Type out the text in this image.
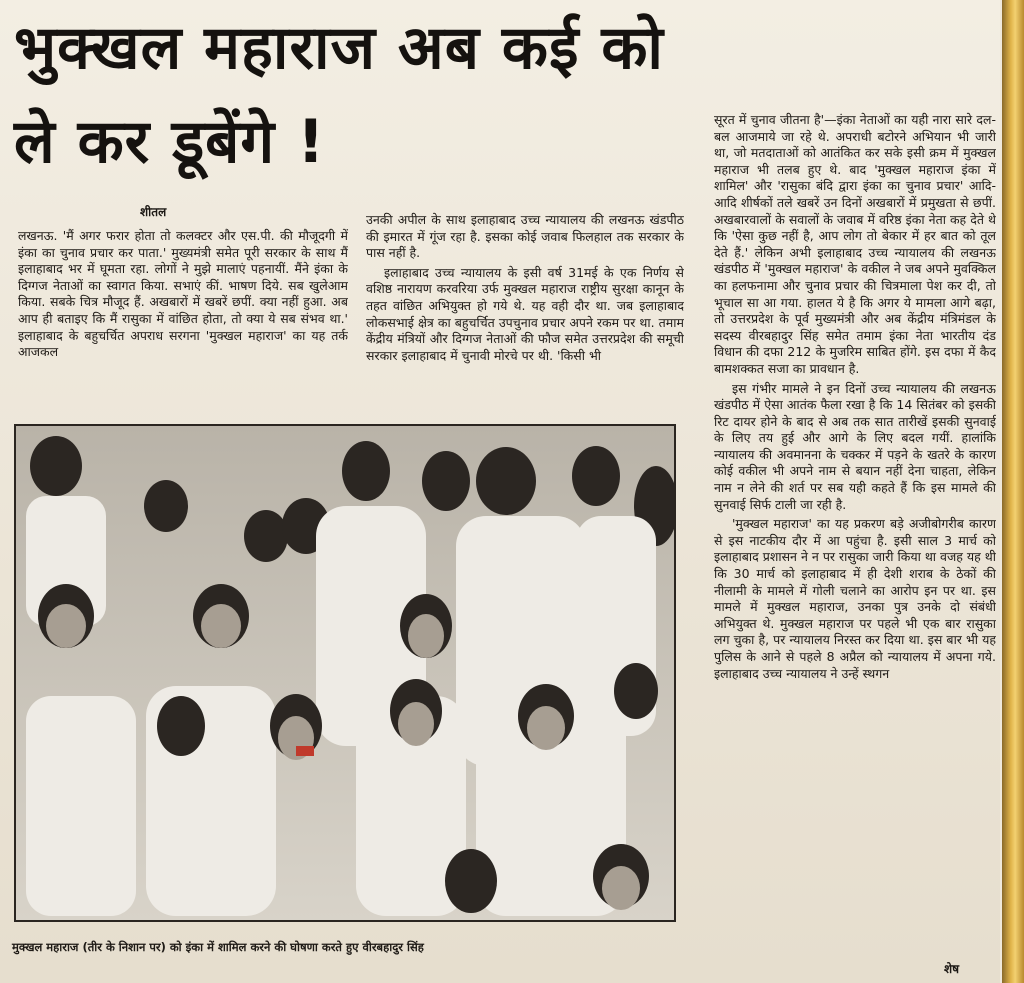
भुक्खल महाराज अब कई को
ले कर डूबेंगे !
शीतल

लखनऊ. 'मैं अगर फरार होता तो कलक्टर और एस.पी. की मौजूदगी में इंका का चुनाव प्रचार कर पाता.' मुख्यमंत्री समेत पूरी सरकार के साथ मैं इलाहाबाद भर में घूमता रहा. लोगों ने मुझे मालाएं पहनायीं. मैंने इंका के दिग्गज नेताओं का स्वागत किया. सभाएं कीं. भाषण दिये. सब खुलेआम किया. सबके चित्र मौजूद हैं. अखबारों में खबरें छपीं. क्या नहीं हुआ. अब आप ही बताइए कि मैं रासुका में वांछित होता, तो क्या ये सब संभव था.' इलाहाबाद के बहुचर्चित अपराध सरगना 'मुक्खल महाराज' का यह तर्क आजकल

उनकी अपील के साथ इलाहाबाद उच्च न्यायालय की लखनऊ खंडपीठ की इमारत में गूंज रहा है. इसका कोई जवाब फिलहाल तक सरकार के पास नहीं है.

इलाहाबाद उच्च न्यायालय के इसी वर्ष 31मई के एक निर्णय से वशिष्ठ नारायण करवरिया उर्फ मुक्खल महाराज राष्ट्रीय सुरक्षा कानून के तहत वांछित अभियुक्त हो गये थे. यह वही दौर था. जब इलाहाबाद लोकसभाई क्षेत्र का बहुचर्चित उपचुनाव प्रचार अपने रकम पर था. तमाम केंद्रीय मंत्रियों और दिग्गज नेताओं की फौज समेत उत्तरप्रदेश की समूची सरकार इलाहाबाद में चुनावी मोरचे पर थी. 'किसी भी

सूरत में चुनाव जीतना है'—इंका नेताओं का यही नारा सारे दल-बल आजमाये जा रहे थे. अपराधी बटोरने अभियान भी जारी था, जो मतदाताओं को आतंकित कर सके इसी क्रम में मुक्खल महाराज भी तलब हुए थे. बाद 'मुक्खल महाराज इंका में शामिल' और 'रासुका बंदि द्वारा इंका का चुनाव प्रचार' आदि-आदि शीर्षकों तले खबरें उन दिनों अखबारों में प्रमुखता से छपीं. अखबारवालों के सवालों के जवाब में वरिष्ठ इंका नेता कह देते थे कि 'ऐसा कुछ नहीं है, आप लोग तो बेकार में हर बात को तूल देते हैं.' लेकिन अभी इलाहाबाद उच्च न्यायालय की लखनऊ खंडपीठ में 'मुक्खल महाराज' के वकील ने जब अपने मुवक्किल का हलफनामा और चुनाव प्रचार की चित्रमाला पेश कर दी, तो भूचाल सा आ गया. हालत ये है कि अगर ये मामला आगे बढ़ा, तो उत्तरप्रदेश के पूर्व मुख्यमंत्री और अब केंद्रीय मंत्रिमंडल के सदस्य वीरबहादुर सिंह समेत तमाम इंका नेता भारतीय दंड विधान की दफा 212 के मुजरिम साबित होंगे. इस दफा में कैद बामशक्कत सजा का प्रावधान है.

इस गंभीर मामले ने इन दिनों उच्च न्यायालय की लखनऊ खंडपीठ में ऐसा आतंक फैला रखा है कि 14 सितंबर को इसकी रिट दायर होने के बाद से अब तक सात तारीखें इसकी सुनवाई के लिए तय हुई और आगे के लिए बदल गयीं. हालांकि न्यायालय की अवमानना के चक्कर में पड़ने के खतरे के कारण कोई वकील भी अपने नाम से बयान नहीं देना चाहता, लेकिन नाम न लेने की शर्त पर सब यही कहते हैं कि इस मामले की सुनवाई सिर्फ टाली जा रही है.

'मुक्खल महाराज' का यह प्रकरण बड़े अजीबोगरीब कारण से इस नाटकीय दौर में आ पहुंचा है. इसी साल 3 मार्च को इलाहाबाद प्रशासन ने न पर रासुका जारी किया था वजह यह थी कि 30 मार्च को इलाहाबाद में ही देशी शराब के ठेकों की नीलामी के मामले में गोली चलाने का आरोप इन पर था. इस मामले में मुक्खल महाराज, उनका पुत्र उनके दो संबंधी अभियुक्त थे. मुक्खल महाराज पर पहले भी एक बार रासुका लग चुका है, पर न्यायालय निरस्त कर दिया था. इस बार भी यह पुलिस के आने से पहले 8 अप्रैल को न्यायालय में अपना गये. इलाहाबाद उच्च न्यायालय ने उन्हें स्थगन

मुक्खल महाराज (तीर के निशान पर) को इंका में शामिल करने की घोषणा करते हुए वीरबहादुर सिंह
शेष
